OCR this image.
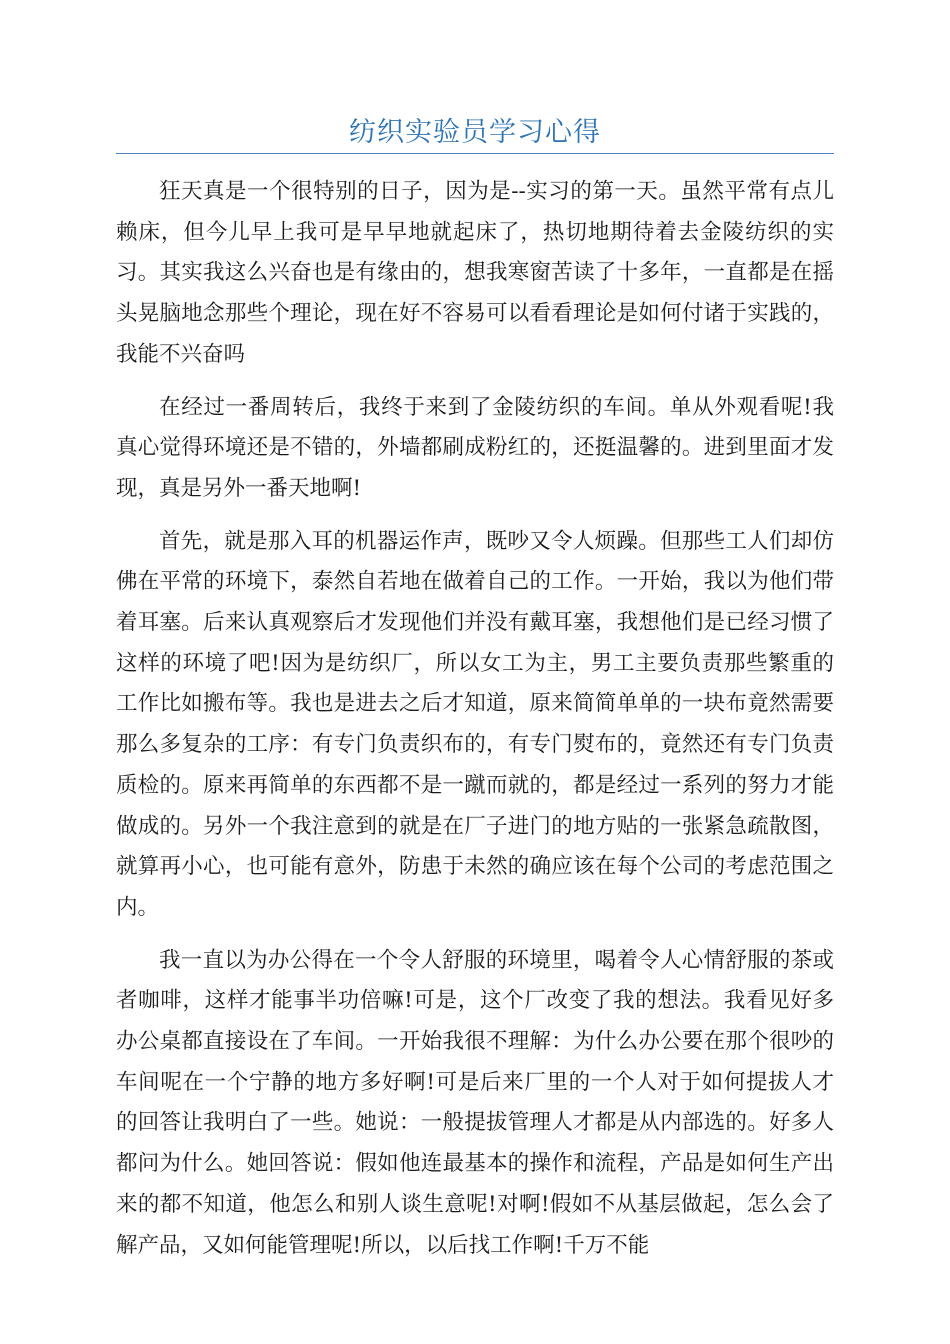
纺织实验员学习心得

狂天真是一个很特别的日子，因为是--实习的第一天。虽然平常有点儿赖床，但今儿早上我可是早早地就起床了，热切地期待着去金陵纺织的实习。其实我这么兴奋也是有缘由的，想我寒窗苦读了十多年，一直都是在摇头晃脑地念那些个理论，现在好不容易可以看看理论是如何付诸于实践的，我能不兴奋吗

在经过一番周转后，我终于来到了金陵纺织的车间。单从外观看呢!我真心觉得环境还是不错的，外墙都刷成粉红的，还挺温馨的。进到里面才发现，真是另外一番天地啊!

首先，就是那入耳的机器运作声，既吵又令人烦躁。但那些工人们却仿佛在平常的环境下，泰然自若地在做着自己的工作。一开始，我以为他们带着耳塞。后来认真观察后才发现他们并没有戴耳塞，我想他们是已经习惯了这样的环境了吧!因为是纺织厂，所以女工为主，男工主要负责那些繁重的工作比如搬布等。我也是进去之后才知道，原来简简单单的一块布竟然需要那么多复杂的工序：有专门负责织布的，有专门熨布的，竟然还有专门负责质检的。原来再简单的东西都不是一蹴而就的，都是经过一系列的努力才能做成的。另外一个我注意到的就是在厂子进门的地方贴的一张紧急疏散图，就算再小心，也可能有意外，防患于未然的确应该在每个公司的考虑范围之内。

我一直以为办公得在一个令人舒服的环境里，喝着令人心情舒服的茶或者咖啡，这样才能事半功倍嘛!可是，这个厂改变了我的想法。我看见好多办公桌都直接设在了车间。一开始我很不理解：为什么办公要在那个很吵的车间呢在一个宁静的地方多好啊!可是后来厂里的一个人对于如何提拔人才的回答让我明白了一些。她说：一般提拔管理人才都是从内部选的。好多人都问为什么。她回答说：假如他连最基本的操作和流程，产品是如何生产出来的都不知道，他怎么和别人谈生意呢!对啊!假如不从基层做起，怎么会了解产品，又如何能管理呢!所以，以后找工作啊!千万不能
